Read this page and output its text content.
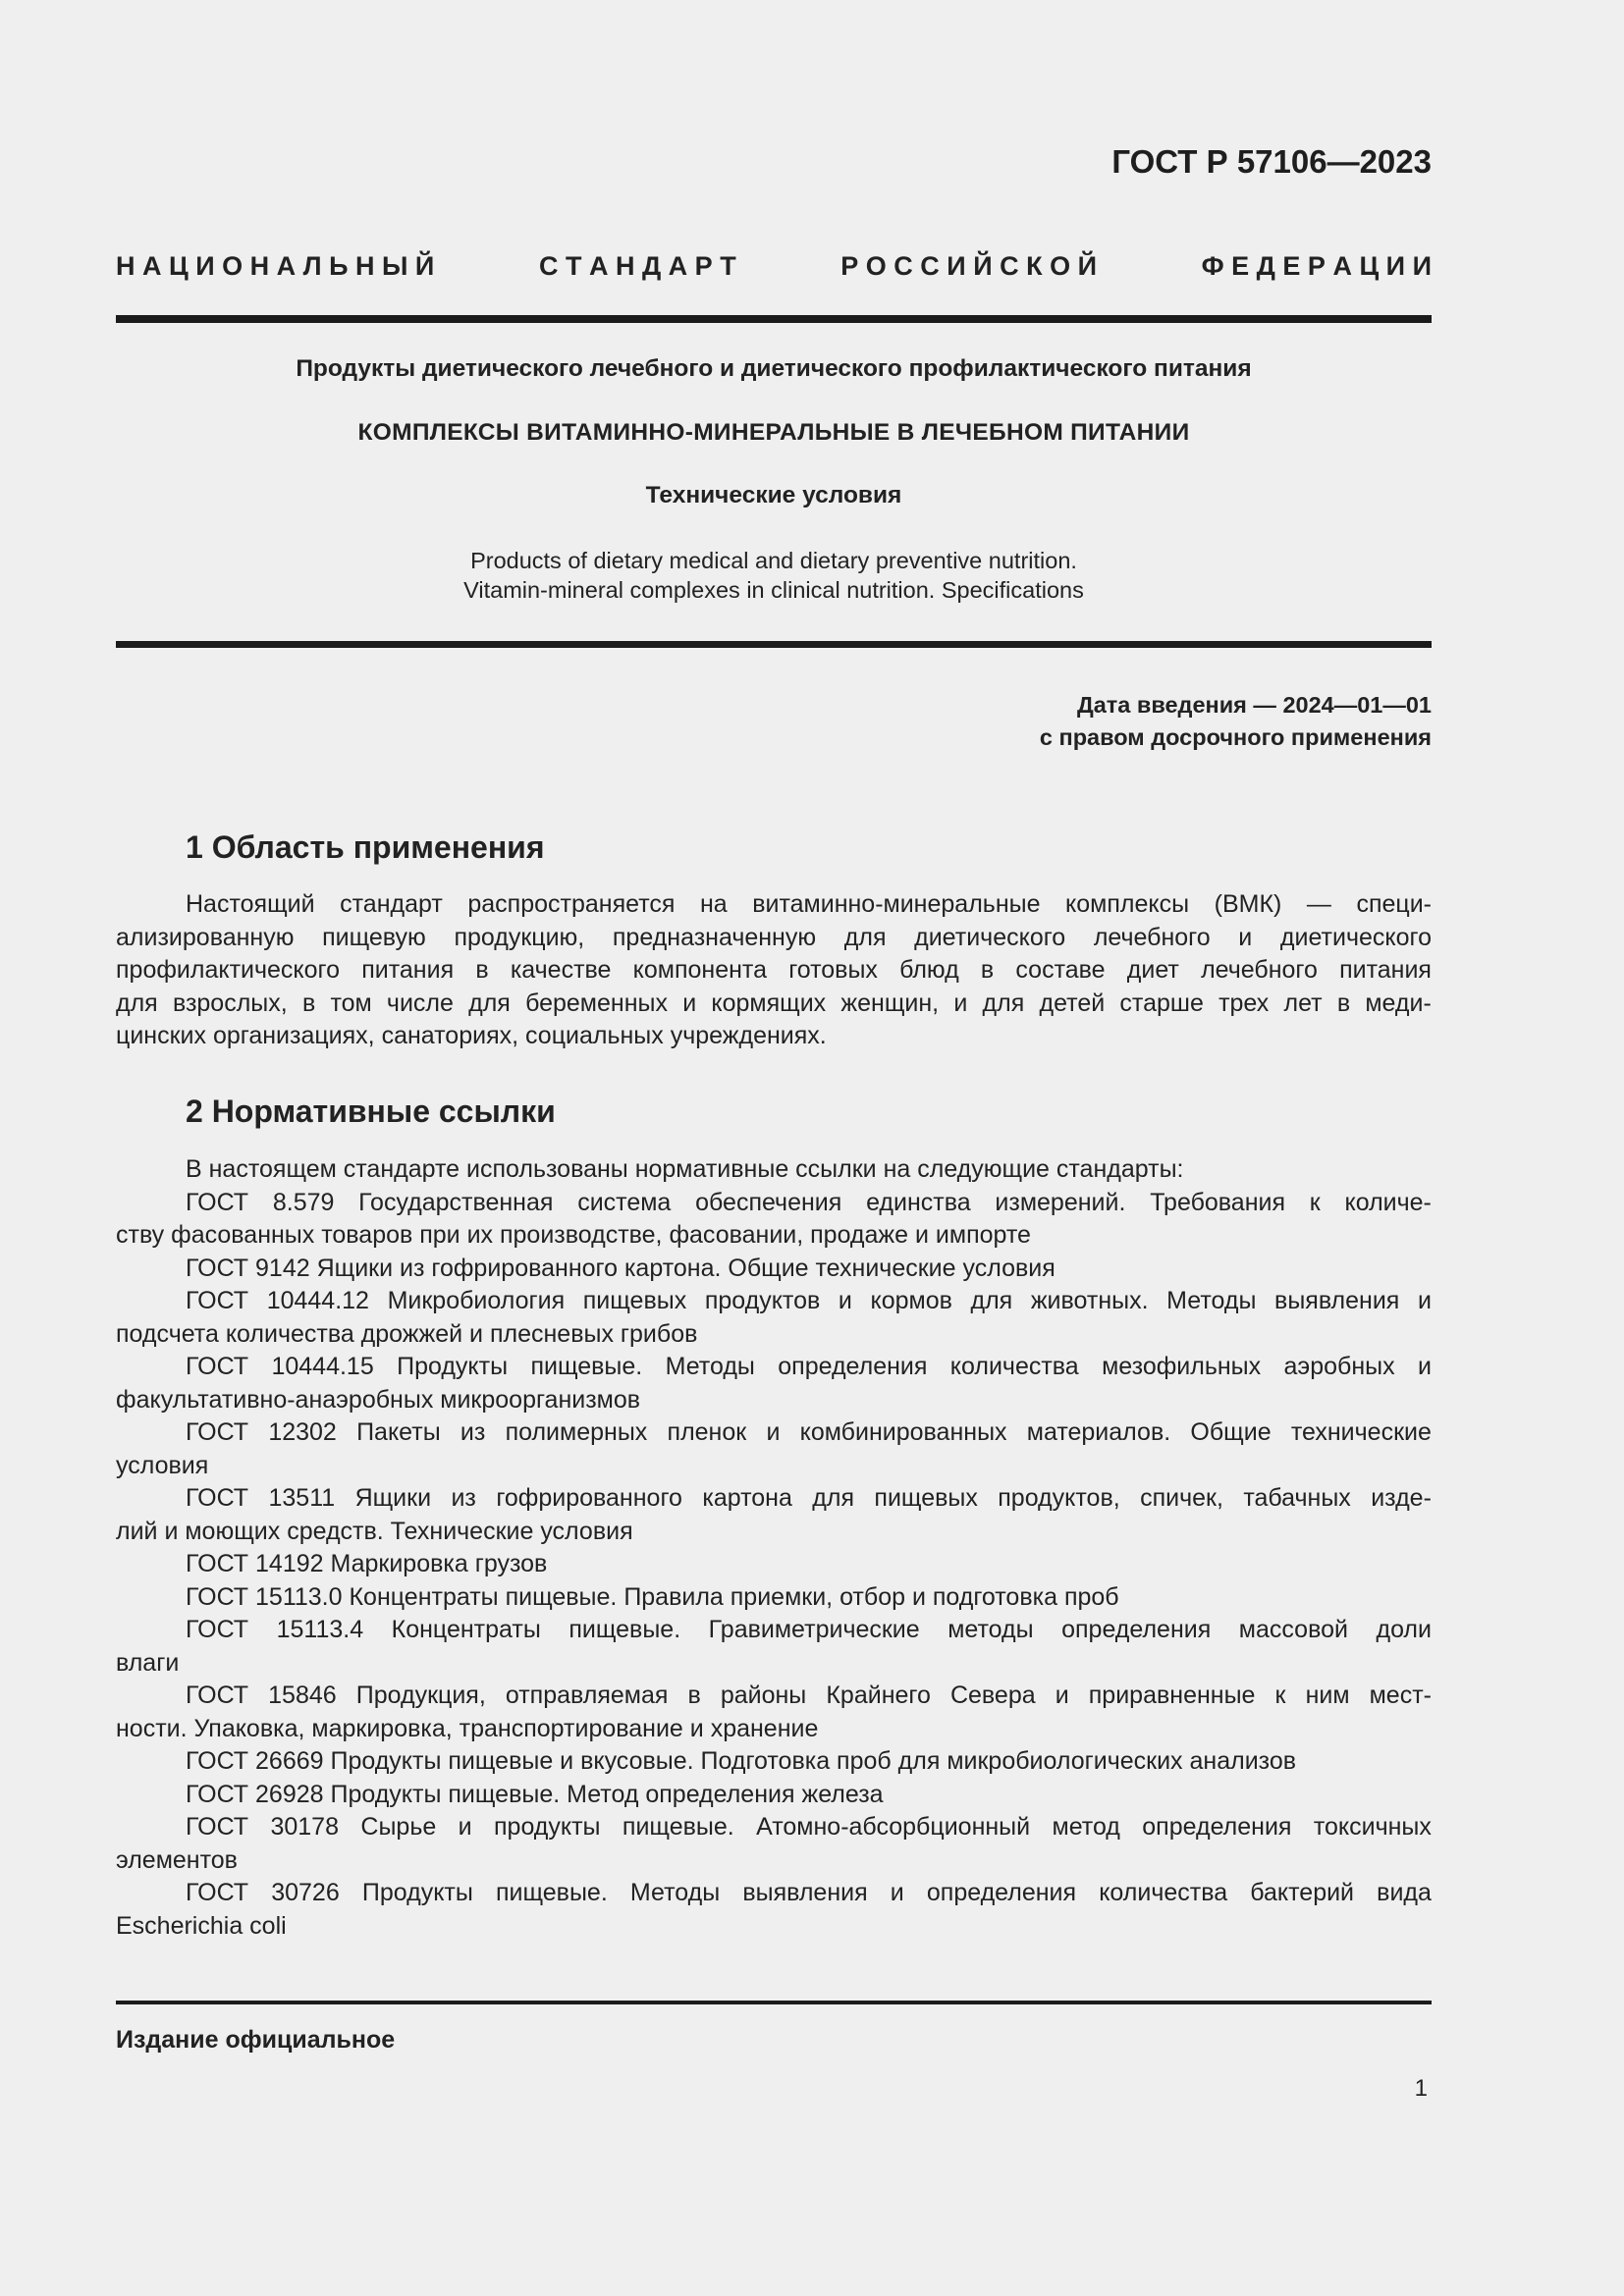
ГОСТ Р 57106—2023
Н А Ц И О Н А Л Ь Н Ы Й	С Т А Н Д А Р Т	Р О С С И Й С К О Й	Ф Е Д Е Р А Ц И И
Продукты диетического лечебного и диетического профилактического питания
КОМПЛЕКСЫ ВИТАМИННО-МИНЕРАЛЬНЫЕ В ЛЕЧЕБНОМ ПИТАНИИ
Технические условия
Products of dietary medical and dietary preventive nutrition.
Vitamin-mineral complexes in clinical nutrition. Specifications
Дата введения — 2024—01—01
с правом досрочного применения
1 Область применения
Настоящий стандарт распространяется на витаминно-минеральные комплексы (ВМК) — специ-
ализированную пищевую продукцию, предназначенную для диетического лечебного и диетического
профилактического питания в качестве компонента готовых блюд в составе диет лечебного питания
для взрослых, в том числе для беременных и кормящих женщин, и для детей старше трех лет в меди-
цинских организациях, санаториях, социальных учреждениях.
2 Нормативные ссылки
В настоящем стандарте использованы нормативные ссылки на следующие стандарты:
ГОСТ 8.579 Государственная система обеспечения единства измерений. Требования к количе-
ству фасованных товаров при их производстве, фасовании, продаже и импорте
ГОСТ 9142 Ящики из гофрированного картона. Общие технические условия
ГОСТ 10444.12 Микробиология пищевых продуктов и кормов для животных. Методы выявления и
подсчета количества дрожжей и плесневых грибов
ГОСТ 10444.15 Продукты пищевые. Методы определения количества мезофильных аэробных и
факультативно-анаэробных микроорганизмов
ГОСТ 12302 Пакеты из полимерных пленок и комбинированных материалов. Общие технические
условия
ГОСТ 13511 Ящики из гофрированного картона для пищевых продуктов, спичек, табачных изде-
лий и моющих средств. Технические условия
ГОСТ 14192 Маркировка грузов
ГОСТ 15113.0 Концентраты пищевые. Правила приемки, отбор и подготовка проб
ГОСТ 15113.4 Концентраты пищевые. Гравиметрические методы определения массовой доли
влаги
ГОСТ 15846 Продукция, отправляемая в районы Крайнего Севера и приравненные к ним мест-
ности. Упаковка, маркировка, транспортирование и хранение
ГОСТ 26669 Продукты пищевые и вкусовые. Подготовка проб для микробиологических анализов
ГОСТ 26928 Продукты пищевые. Метод определения железа
ГОСТ 30178 Сырье и продукты пищевые. Атомно-абсорбционный метод определения токсичных
элементов
ГОСТ 30726 Продукты пищевые. Методы выявления и определения количества бактерий вида
Escherichia coli
Издание официальное
1
